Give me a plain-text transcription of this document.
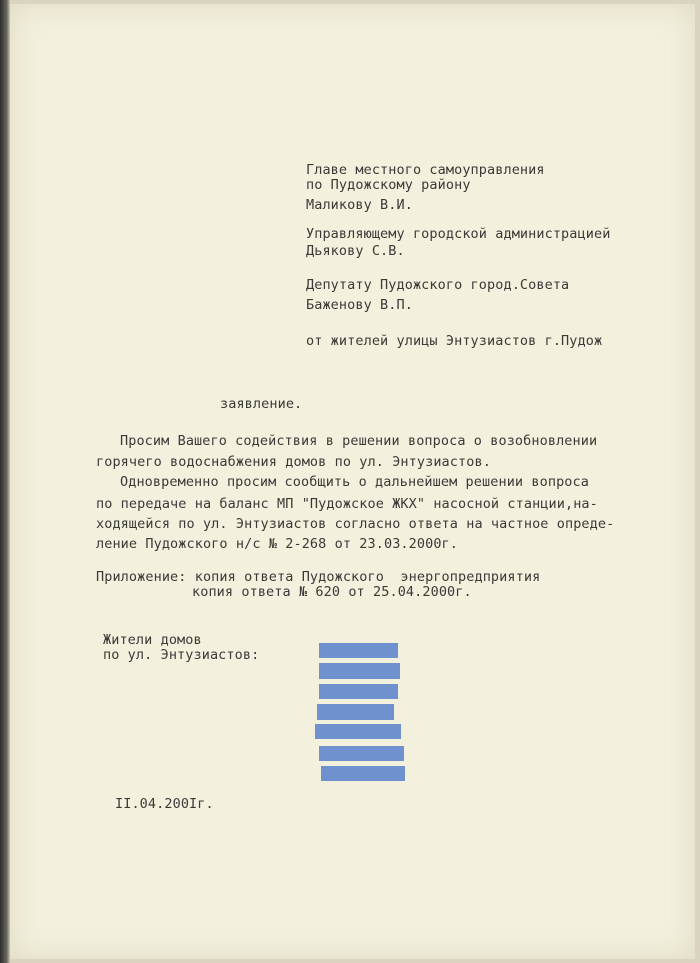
Главе местного самоуправления
по Пудожскому району
Маликову В.И.
Управляющему городской администрацией
Дьякову С.В.
Депутату Пудожского город.Совета
Баженову В.П.
от жителей улицы Энтузиастов г.Пудож
заявление.
Просим Вашего содействия в решении вопроса о возобновлении
горячего водоснабжения домов по ул. Энтузиастов.
Одновременно просим сообщить о дальнейшем решении вопроса
по передаче на баланс МП "Пудожское ЖКХ" насосной станции,на-
ходящейся по ул. Энтузиастов согласно ответа на частное опреде-
ление Пудожского н/с № 2-268 от 23.03.2000г.
Приложение: копия ответа Пудожского  энергопредприятия
копия ответа № 620 от 25.04.2000г.
Жители домов
по ул. Энтузиастов:
II.04.200Iг.
